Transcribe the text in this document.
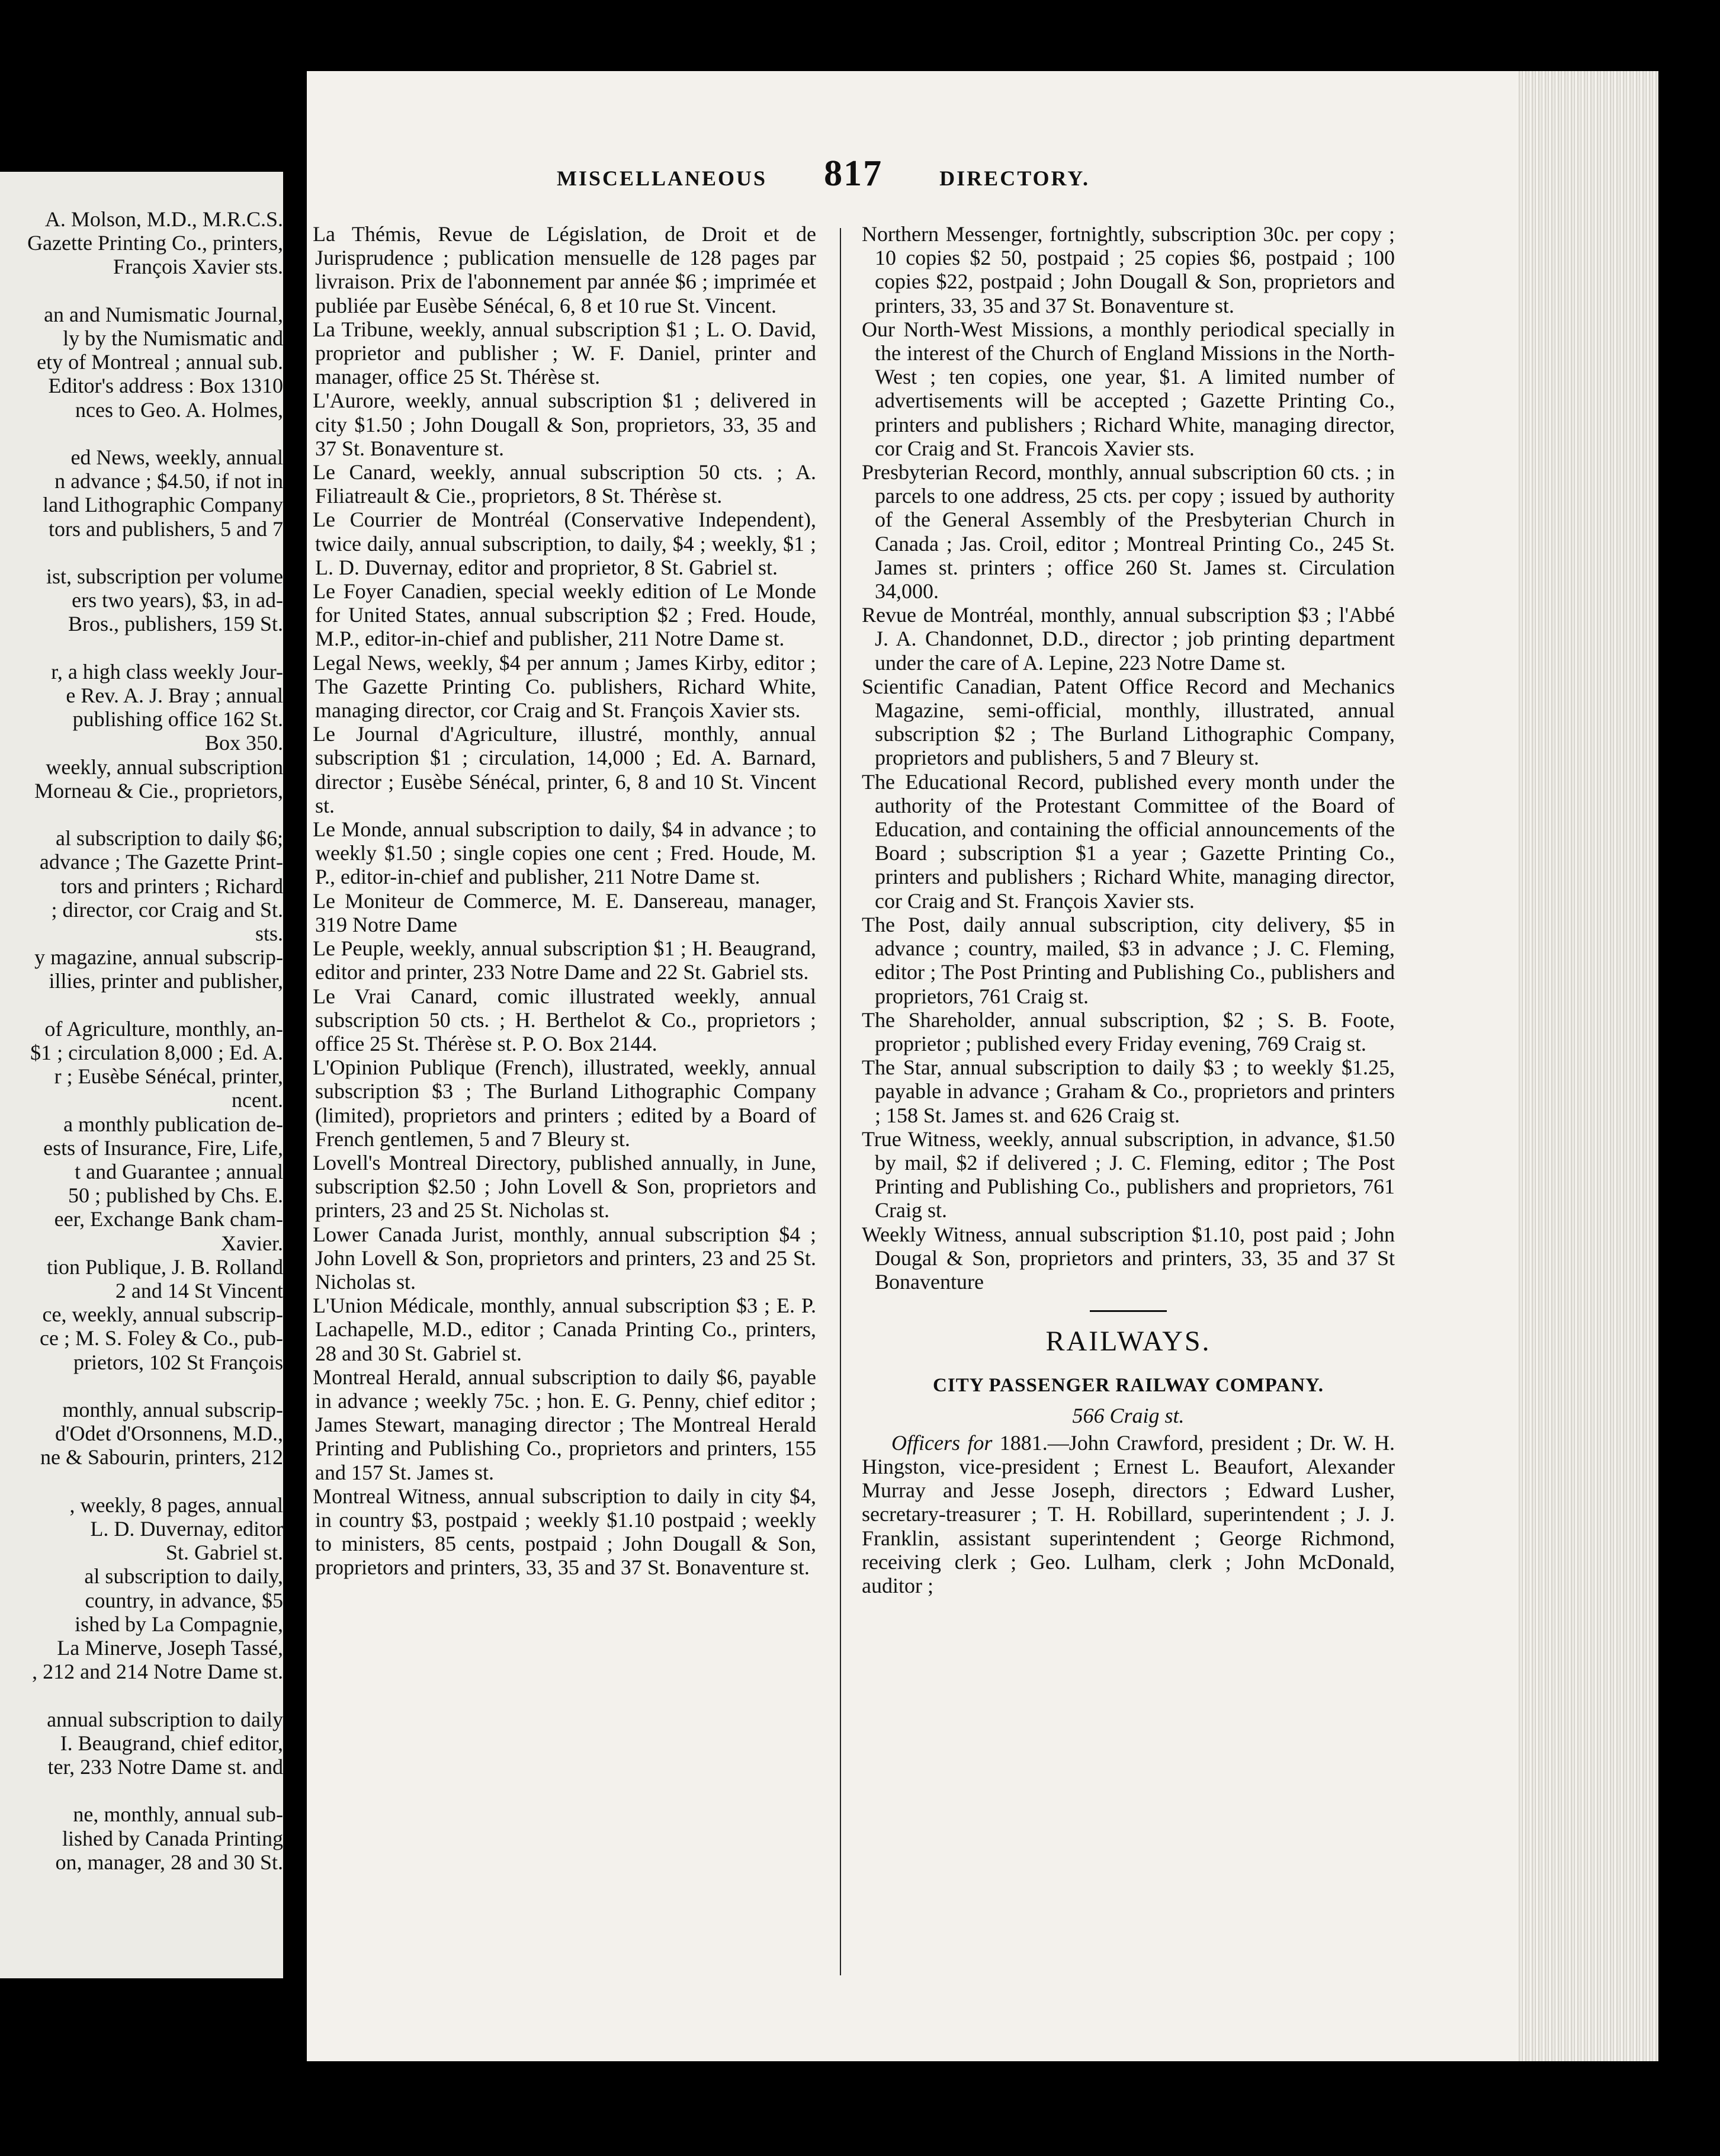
A. Molson, M.D., M.R.C.S.
Gazette Printing Co., printers,
François Xavier sts.
an and Numismatic Journal,
ly by the Numismatic and
ety of Montreal ; annual sub.
Editor's address : Box 1310
nces to Geo. A. Holmes,
ed News, weekly, annual
n advance ; $4.50, if not in
land Lithographic Company
tors and publishers, 5 and 7
ist, subscription per volume
ers two years), $3, in ad-
Bros., publishers, 159 St.
r, a high class weekly Jour-
e Rev. A. J. Bray ; annual
publishing office 162 St.
Box 350.
weekly, annual subscription
Morneau & Cie., proprietors,
al subscription to daily $6;
advance ; The Gazette Print-
tors and printers ; Richard
; director, cor Craig and St.
sts.
y magazine, annual subscrip-
illies, printer and publisher,
of Agriculture, monthly, an-
$1 ; circulation 8,000 ; Ed. A.
r ; Eusèbe Sénécal, printer,
ncent.
a monthly publication de-
ests of Insurance, Fire, Life,
t and Guarantee ; annual
50 ; published by Chs. E.
eer, Exchange Bank cham-
Xavier.
tion Publique, J. B. Rolland
2 and 14 St Vincent
ce, weekly, annual subscrip-
ce ; M. S. Foley & Co., pub-
prietors, 102 St François
monthly, annual subscrip-
d'Odet d'Orsonnens, M.D.,
ne & Sabourin, printers, 212
, weekly, 8 pages, annual
L. D. Duvernay, editor
St. Gabriel st.
al subscription to daily,
country, in advance, $5
ished by La Compagnie,
La Minerve, Joseph Tassé,
, 212 and 214 Notre Dame st.
annual subscription to daily
I. Beaugrand, chief editor,
ter, 233 Notre Dame st. and
ne, monthly, annual sub-
lished by Canada Printing
on, manager, 28 and 30 St.
MISCELLANEOUS 817	DIRECTORY.
La Thémis, Revue de Législation, de Droit et de Jurisprudence ; publication mensuelle de 128 pages par livraison. Prix de l'abonnement par année $6 ; imprimée et publiée par Eusèbe Sénécal, 6, 8 et 10 rue St. Vincent.
La Tribune, weekly, annual subscription $1 ; L. O. David, proprietor and publisher ; W. F. Daniel, printer and manager, office 25 St. Thérèse st.
L'Aurore, weekly, annual subscription $1 ; delivered in city $1.50 ; John Dougall & Son, proprietors, 33, 35 and 37 St. Bonaventure st.
Le Canard, weekly, annual subscription 50 cts. ; A. Filiatreault & Cie., proprietors, 8 St. Thérèse st.
Le Courrier de Montréal (Conservative Independent), twice daily, annual subscription, to daily, $4 ; weekly, $1 ; L. D. Duvernay, editor and proprietor, 8 St. Gabriel st.
Le Foyer Canadien, special weekly edition of Le Monde for United States, annual subscription $2 ; Fred. Houde, M.P., editor-in-chief and publisher, 211 Notre Dame st.
Legal News, weekly, $4 per annum ; James Kirby, editor ; The Gazette Printing Co. publishers, Richard White, managing director, cor Craig and St. François Xavier sts.
Le Journal d'Agriculture, illustré, monthly, annual subscription $1 ; circulation, 14,000 ; Ed. A. Barnard, director ; Eusèbe Sénécal, printer, 6, 8 and 10 St. Vincent st.
Le Monde, annual subscription to daily, $4 in advance ; to weekly $1.50 ; single copies one cent ; Fred. Houde, M. P., editor-in-chief and publisher, 211 Notre Dame st.
Le Moniteur de Commerce, M. E. Dansereau, manager, 319 Notre Dame
Le Peuple, weekly, annual subscription $1 ; H. Beaugrand, editor and printer, 233 Notre Dame and 22 St. Gabriel sts.
Le Vrai Canard, comic illustrated weekly, annual subscription 50 cts. ; H. Berthelot & Co., proprietors ; office 25 St. Thérèse st. P. O. Box 2144.
L'Opinion Publique (French), illustrated, weekly, annual subscription $3 ; The Burland Lithographic Company (limited), proprietors and printers ; edited by a Board of French gentlemen, 5 and 7 Bleury st.
Lovell's Montreal Directory, published annually, in June, subscription $2.50 ; John Lovell & Son, proprietors and printers, 23 and 25 St. Nicholas st.
Lower Canada Jurist, monthly, annual subscription $4 ; John Lovell & Son, proprietors and printers, 23 and 25 St. Nicholas st.
L'Union Médicale, monthly, annual subscription $3 ; E. P. Lachapelle, M.D., editor ; Canada Printing Co., printers, 28 and 30 St. Gabriel st.
Montreal Herald, annual subscription to daily $6, payable in advance ; weekly 75c. ; hon. E. G. Penny, chief editor ; James Stewart, managing director ; The Montreal Herald Printing and Publishing Co., proprietors and printers, 155 and 157 St. James st.
Montreal Witness, annual subscription to daily in city $4, in country $3, postpaid ; weekly $1.10 postpaid ; weekly to ministers, 85 cents, postpaid ; John Dougall & Son, proprietors and printers, 33, 35 and 37 St. Bonaventure st.
Northern Messenger, fortnightly, subscription 30c. per copy ; 10 copies $2 50, postpaid ; 25 copies $6, postpaid ; 100 copies $22, postpaid ; John Dougall & Son, proprietors and printers, 33, 35 and 37 St. Bonaventure st.
Our North-West Missions, a monthly periodical specially in the interest of the Church of England Missions in the North-West ; ten copies, one year, $1. A limited number of advertisements will be accepted ; Gazette Printing Co., printers and publishers ; Richard White, managing director, cor Craig and St. Francois Xavier sts.
Presbyterian Record, monthly, annual subscription 60 cts. ; in parcels to one address, 25 cts. per copy ; issued by authority of the General Assembly of the Presbyterian Church in Canada ; Jas. Croil, editor ; Montreal Printing Co., 245 St. James st. printers ; office 260 St. James st. Circulation 34,000.
Revue de Montréal, monthly, annual subscription $3 ; l'Abbé J. A. Chandonnet, D.D., director ; job printing department under the care of A. Lepine, 223 Notre Dame st.
Scientific Canadian, Patent Office Record and Mechanics Magazine, semi-official, monthly, illustrated, annual subscription $2 ; The Burland Lithographic Company, proprietors and publishers, 5 and 7 Bleury st.
The Educational Record, published every month under the authority of the Protestant Committee of the Board of Education, and containing the official announcements of the Board ; subscription $1 a year ; Gazette Printing Co., printers and publishers ; Richard White, managing director, cor Craig and St. François Xavier sts.
The Post, daily annual subscription, city delivery, $5 in advance ; country, mailed, $3 in advance ; J. C. Fleming, editor ; The Post Printing and Publishing Co., publishers and proprietors, 761 Craig st.
The Shareholder, annual subscription, $2 ; S. B. Foote, proprietor ; published every Friday evening, 769 Craig st.
The Star, annual subscription to daily $3 ; to weekly $1.25, payable in advance ; Graham & Co., proprietors and printers ; 158 St. James st. and 626 Craig st.
True Witness, weekly, annual subscription, in advance, $1.50 by mail, $2 if delivered ; J. C. Fleming, editor ; The Post Printing and Publishing Co., publishers and proprietors, 761 Craig st.
Weekly Witness, annual subscription $1.10, post paid ; John Dougal & Son, proprietors and printers, 33, 35 and 37 St Bonaventure
RAILWAYS.
CITY PASSENGER RAILWAY COMPANY.
566 Craig st.

Officers for 1881.—John Crawford, president ; Dr. W. H. Hingston, vice-president ; Ernest L. Beaufort, Alexander Murray and Jesse Joseph, directors ; Edward Lusher, secretary-treasurer ; T. H. Robillard, superintendent ; J. J. Franklin, assistant superintendent ; George Richmond, receiving clerk ; Geo. Lulham, clerk ; John McDonald, auditor ;
